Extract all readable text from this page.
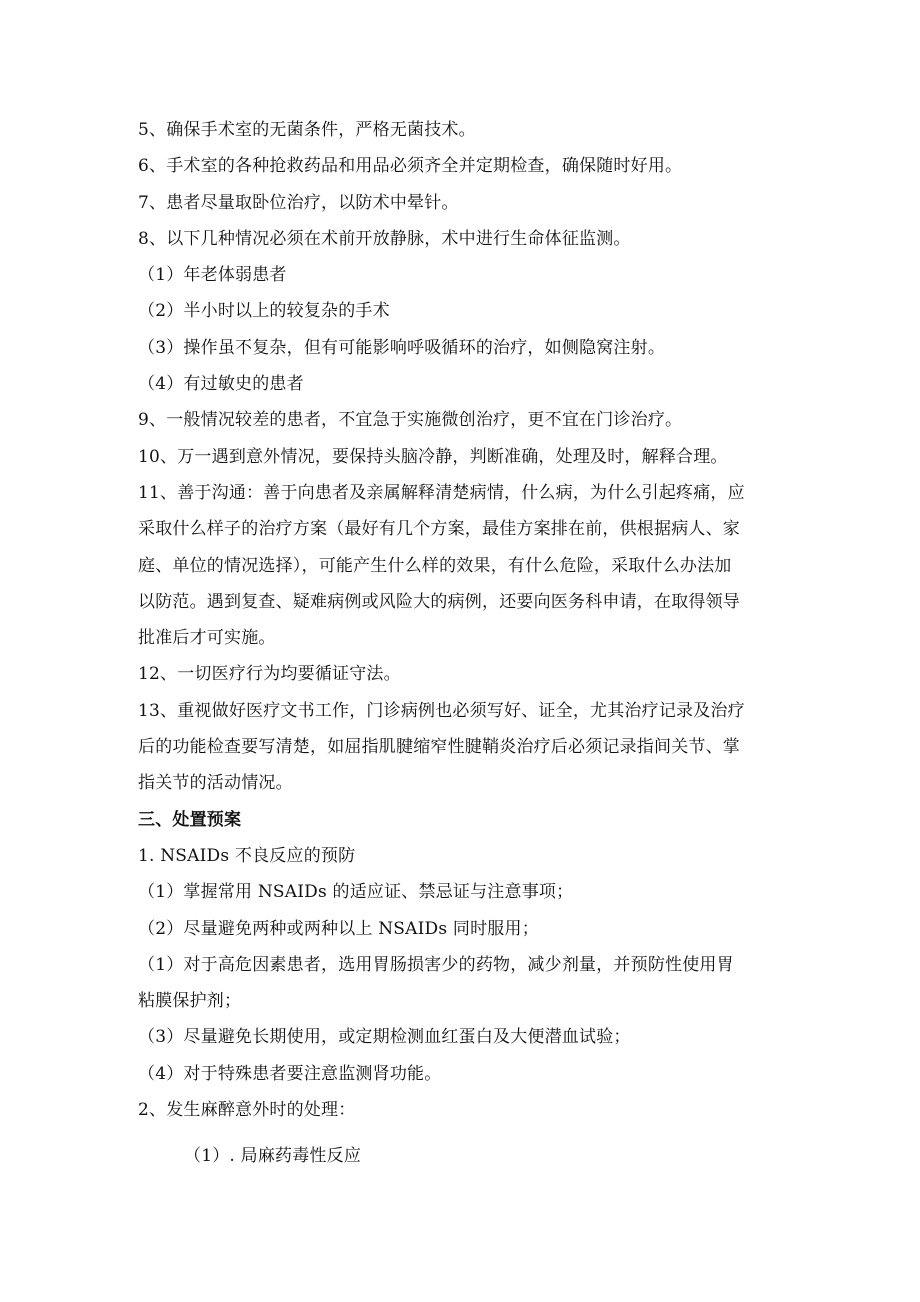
5、确保手术室的无菌条件，严格无菌技术。
6、手术室的各种抢救药品和用品必须齐全并定期检查，确保随时好用。
7、患者尽量取卧位治疗，以防术中晕针。
8、以下几种情况必须在术前开放静脉，术中进行生命体征监测。
（1）年老体弱患者
（2）半小时以上的较复杂的手术
（3）操作虽不复杂，但有可能影响呼吸循环的治疗，如侧隐窝注射。
（4）有过敏史的患者
9、一般情况较差的患者，不宜急于实施微创治疗，更不宜在门诊治疗。
10、万一遇到意外情况，要保持头脑冷静，判断准确，处理及时，解释合理。
11、善于沟通：善于向患者及亲属解释清楚病情，什么病，为什么引起疼痛，应
采取什么样子的治疗方案（最好有几个方案，最佳方案排在前，供根据病人、家
庭、单位的情况选择），可能产生什么样的效果，有什么危险，采取什么办法加
以防范。遇到复查、疑难病例或风险大的病例，还要向医务科申请，在取得领导
批准后才可实施。
12、一切医疗行为均要循证守法。
13、重视做好医疗文书工作，门诊病例也必须写好、证全，尤其治疗记录及治疗
后的功能检查要写清楚，如屈指肌腱缩窄性腱鞘炎治疗后必须记录指间关节、掌
指关节的活动情况。
三、处置预案
1. NSAIDs 不良反应的预防
（1）掌握常用 NSAIDs 的适应证、禁忌证与注意事项；
（2）尽量避免两种或两种以上 NSAIDs 同时服用；
（1）对于高危因素患者，选用胃肠损害少的药物，减少剂量，并预防性使用胃
粘膜保护剂；
（3）尽量避免长期使用，或定期检测血红蛋白及大便潜血试验；
（4）对于特殊患者要注意监测肾功能。
2、发生麻醉意外时的处理：
（1）. 局麻药毒性反应
